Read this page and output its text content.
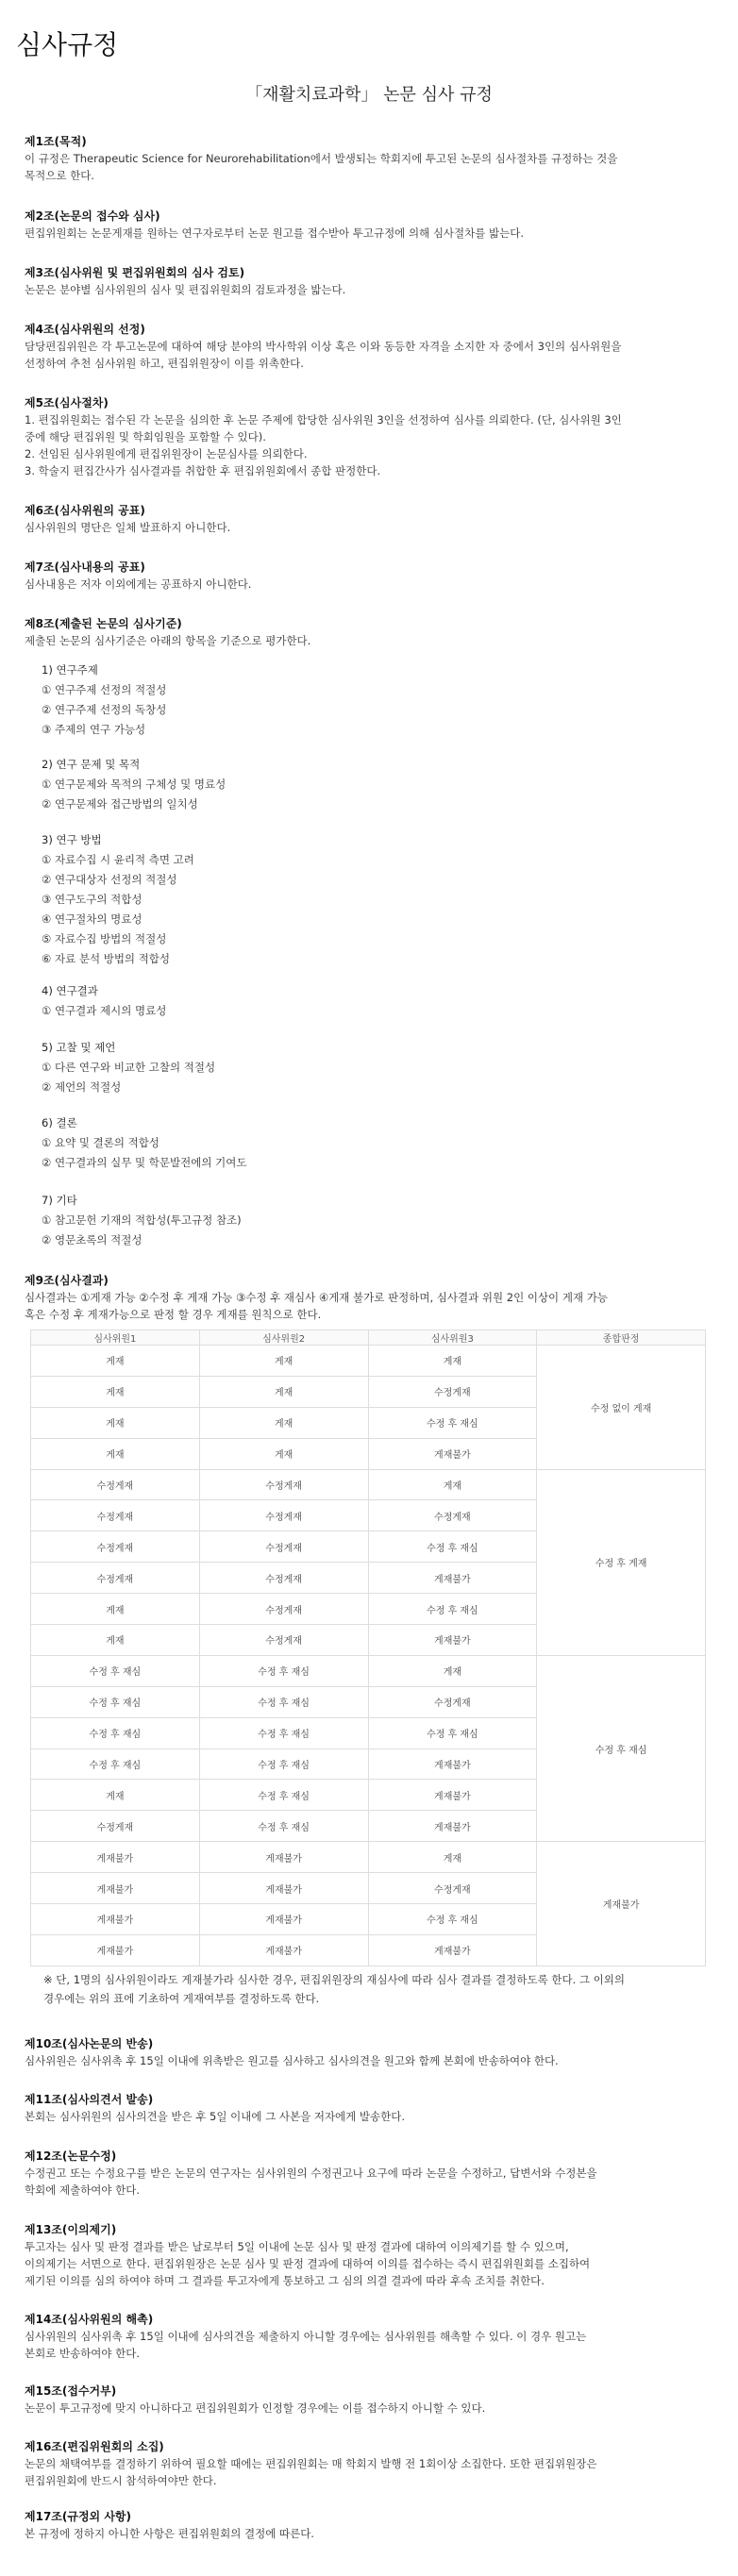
심사규정
「재활치료과학」 논문 심사 규정
제1조(목적)

이 규정은 Therapeutic Science for Neurorehabilitation에서 발생되는 학회지에 투고된 논문의 심사절차를 규정하는 것을

목적으로 한다.

제2조(논문의 접수와 심사)

편집위원회는 논문게재를 원하는 연구자로부터 논문 원고를 접수받아 투고규정에 의해 심사절차를 밟는다.

제3조(심사위원 및 편집위원회의 심사 검토)

논문은 분야별 심사위원의 심사 및 편집위원회의 검토과정을 밟는다.

제4조(심사위원의 선정)

담당편집위원은 각 투고논문에 대하여 해당 분야의 박사학위 이상 혹은 이와 동등한 자격을 소지한 자 중에서 3인의 심사위원을

선정하여 추천 심사위원 하고, 편집위원장이 이를 위촉한다.

제5조(심사절차)

1. 편집위원회는 접수된 각 논문을 심의한 후 논문 주제에 합당한 심사위원 3인을 선정하여 심사를 의뢰한다. (단, 심사위원 3인

중에 해당 편집위원 및 학회임원을 포함할 수 있다).

2. 선임된 심사위원에게 편집위원장이 논문심사를 의뢰한다.

3. 학술지 편집간사가 심사결과를 취합한 후 편집위원회에서 종합 판정한다.

제6조(심사위원의 공표)

심사위원의 명단은 일체 발표하지 아니한다.

제7조(심사내용의 공표)

심사내용은 저자 이외에게는 공표하지 아니한다.

제8조(제출된 논문의 심사기준)

제출된 논문의 심사기준은 아래의 항목을 기준으로 평가한다.

1) 연구주제
① 연구주제 선정의 적절성
② 연구주제 선정의 독창성
③ 주제의 연구 가능성
2) 연구 문제 및 목적
① 연구문제와 목적의 구체성 및 명료성
② 연구문제와 접근방법의 일치성
3) 연구 방법
① 자료수집 시 윤리적 측면 고려
② 연구대상자 선정의 적절성
③ 연구도구의 적합성
④ 연구절차의 명료성
⑤ 자료수집 방법의 적절성
⑥ 자료 분석 방법의 적합성
4) 연구결과
① 연구결과 제시의 명료성
5) 고찰 및 제언
① 다른 연구와 비교한 고찰의 적절성
② 제언의 적절성
6) 결론
① 요약 및 결론의 적합성
② 연구결과의 실무 및 학문발전에의 기여도
7) 기타
① 참고문헌 기재의 적합성(투고규정 참조)
② 영문초록의 적절성
제9조(심사결과)

심사결과는 ①게재 가능 ②수정 후 게재 가능 ③수정 후 재심사 ④게재 불가로 판정하며, 심사결과 위원 2인 이상이 게재 가능

혹은 수정 후 게재가능으로 판정 할 경우 게재를 원칙으로 한다.

심사위원1	심사위원2	심사위원3	종합판정
게재	게재	게재	수정 없이 게재
게재	게재	수정게재	
게재	게재	수정 후 재심	
게재	게재	게재불가	
수정게재	수정게재	게재	수정 후 게재
수정게재	수정게재	수정게재	
수정게재	수정게재	수정 후 재심	
수정게재	수정게재	게재불가	
게재	수정게재	수정 후 재심	
게재	수정게재	게재불가	
수정 후 재심	수정 후 재심	게재	수정 후 재심
수정 후 재심	수정 후 재심	수정게재	
수정 후 재심	수정 후 재심	수정 후 재심	
수정 후 재심	수정 후 재심	게재불가	
게재	수정 후 재심	게재불가	
수정게재	수정 후 재심	게재불가	
게재불가	게재불가	게재	게재불가
게재불가	게재불가	수정게재	
게재불가	게재불가	수정 후 재심	
게재불가	게재불가	게재불가	
※ 단, 1명의 심사위원이라도 게재불가라 심사한 경우, 편집위원장의 재심사에 따라 심사 결과를 결정하도록 한다. 그 이외의
경우에는 위의 표에 기초하여 게재여부를 결정하도록 한다.
제10조(심사논문의 반송)

심사위원은 심사위촉 후 15일 이내에 위촉받은 원고를 심사하고 심사의견을 원고와 함께 본회에 반송하여야 한다.

제11조(심사의견서 발송)

본회는 심사위원의 심사의견을 받은 후 5일 이내에 그 사본을 저자에게 발송한다.

제12조(논문수정)

수정권고 또는 수정요구를 받은 논문의 연구자는 심사위원의 수정권고나 요구에 따라 논문을 수정하고, 답변서와 수정본을

학회에 제출하여야 한다.

제13조(이의제기)

투고자는 심사 및 판정 결과를 받은 날로부터 5일 이내에 논문 심사 및 판정 결과에 대하여 이의제기를 할 수 있으며,

이의제기는 서면으로 한다. 편집위원장은 논문 심사 및 판정 결과에 대하여 이의를 접수하는 즉시 편집위원회를 소집하여

제기된 이의를 심의 하여야 하며 그 결과를 투고자에게 통보하고 그 심의 의결 결과에 따라 후속 조치를 취한다.

제14조(심사위원의 해촉)

심사위원의 심사위촉 후 15일 이내에 심사의견을 제출하지 아니할 경우에는 심사위원를 해촉할 수 있다. 이 경우 원고는

본회로 반송하여야 한다.

제15조(접수거부)

논문이 투고규정에 맞지 아니하다고 편집위원회가 인정할 경우에는 이를 접수하지 아니할 수 있다.

제16조(편집위원회의 소집)

논문의 채택여부를 결정하기 위하여 필요할 때에는 편집위원회는 매 학회지 발행 전 1회이상 소집한다. 또한 편집위원장은

편집위원회에 반드시 참석하여야만 한다.

제17조(규정외 사항)

본 규정에 정하지 아니한 사항은 편집위원회의 결정에 따른다.
